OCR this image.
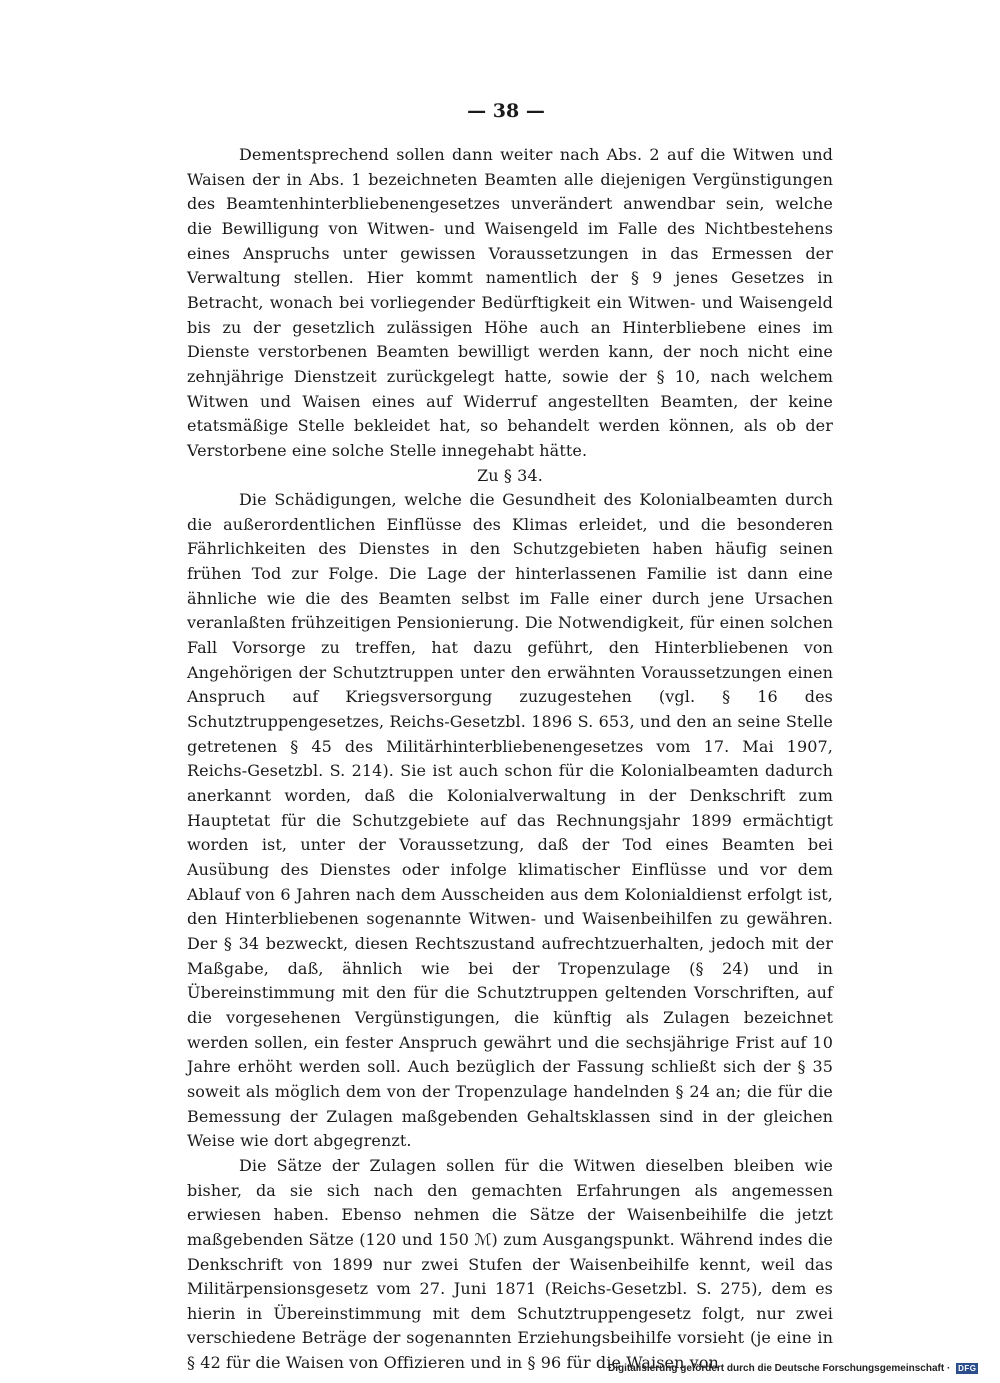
— 38 —

Dementsprechend sollen dann weiter nach Abs. 2 auf die Witwen und Waisen der in Abs. 1 bezeichneten Beamten alle diejenigen Vergünstigungen des Beamtenhinterbliebenengesetzes unverändert anwendbar sein, welche die Bewilligung von Witwen- und Waisengeld im Falle des Nichtbestehens eines Anspruchs unter gewissen Voraussetzungen in das Ermessen der Verwaltung stellen. Hier kommt namentlich der § 9 jenes Gesetzes in Betracht, wonach bei vorliegender Bedürftigkeit ein Witwen- und Waisengeld bis zu der gesetzlich zulässigen Höhe auch an Hinterbliebene eines im Dienste verstorbenen Beamten bewilligt werden kann, der noch nicht eine zehnjährige Dienstzeit zurückgelegt hatte, sowie der § 10, nach welchem Witwen und Waisen eines auf Widerruf angestellten Beamten, der keine etatsmäßige Stelle bekleidet hat, so behandelt werden können, als ob der Verstorbene eine solche Stelle innegehabt hätte.

Zu § 34.

Die Schädigungen, welche die Gesundheit des Kolonialbeamten durch die außerordentlichen Einflüsse des Klimas erleidet, und die besonderen Fährlichkeiten des Dienstes in den Schutzgebieten haben häufig seinen frühen Tod zur Folge. Die Lage der hinterlassenen Familie ist dann eine ähnliche wie die des Beamten selbst im Falle einer durch jene Ursachen veranlaßten frühzeitigen Pensionierung. Die Notwendigkeit, für einen solchen Fall Vorsorge zu treffen, hat dazu geführt, den Hinterbliebenen von Angehörigen der Schutztruppen unter den erwähnten Voraussetzungen einen Anspruch auf Kriegsversorgung zuzugestehen (vgl. § 16 des Schutztruppengesetzes, Reichs-Gesetzbl. 1896 S. 653, und den an seine Stelle getretenen § 45 des Militärhinterbliebenengesetzes vom 17. Mai 1907, Reichs-Gesetzbl. S. 214). Sie ist auch schon für die Kolonialbeamten dadurch anerkannt worden, daß die Kolonialverwaltung in der Denkschrift zum Hauptetat für die Schutzgebiete auf das Rechnungsjahr 1899 ermächtigt worden ist, unter der Voraussetzung, daß der Tod eines Beamten bei Ausübung des Dienstes oder infolge klimatischer Einflüsse und vor dem Ablauf von 6 Jahren nach dem Ausscheiden aus dem Kolonialdienst erfolgt ist, den Hinterbliebenen sogenannte Witwen- und Waisenbeihilfen zu gewähren. Der § 34 bezweckt, diesen Rechtszustand aufrechtzuerhalten, jedoch mit der Maßgabe, daß, ähnlich wie bei der Tropenzulage (§ 24) und in Übereinstimmung mit den für die Schutztruppen geltenden Vorschriften, auf die vorgesehenen Vergünstigungen, die künftig als Zulagen bezeichnet werden sollen, ein fester Anspruch gewährt und die sechsjährige Frist auf 10 Jahre erhöht werden soll. Auch bezüglich der Fassung schließt sich der § 35 soweit als möglich dem von der Tropenzulage handelnden § 24 an; die für die Bemessung der Zulagen maßgebenden Gehaltsklassen sind in der gleichen Weise wie dort abgegrenzt.

Die Sätze der Zulagen sollen für die Witwen dieselben bleiben wie bisher, da sie sich nach den gemachten Erfahrungen als angemessen erwiesen haben. Ebenso nehmen die Sätze der Waisenbeihilfe die jetzt maßgebenden Sätze (120 und 150 ℳ) zum Ausgangspunkt. Während indes die Denkschrift von 1899 nur zwei Stufen der Waisenbeihilfe kennt, weil das Militärpensionsgesetz vom 27. Juni 1871 (Reichs-Gesetzbl. S. 275), dem es hierin in Übereinstimmung mit dem Schutztruppengesetz folgt, nur zwei verschiedene Beträge der sogenannten Erziehungsbeihilfe vorsieht (je eine in § 42 für die Waisen von Offizieren und in § 96 für die Waisen von

Digitalisierung gefördert durch die Deutsche Forschungsgemeinschaft · DFG
